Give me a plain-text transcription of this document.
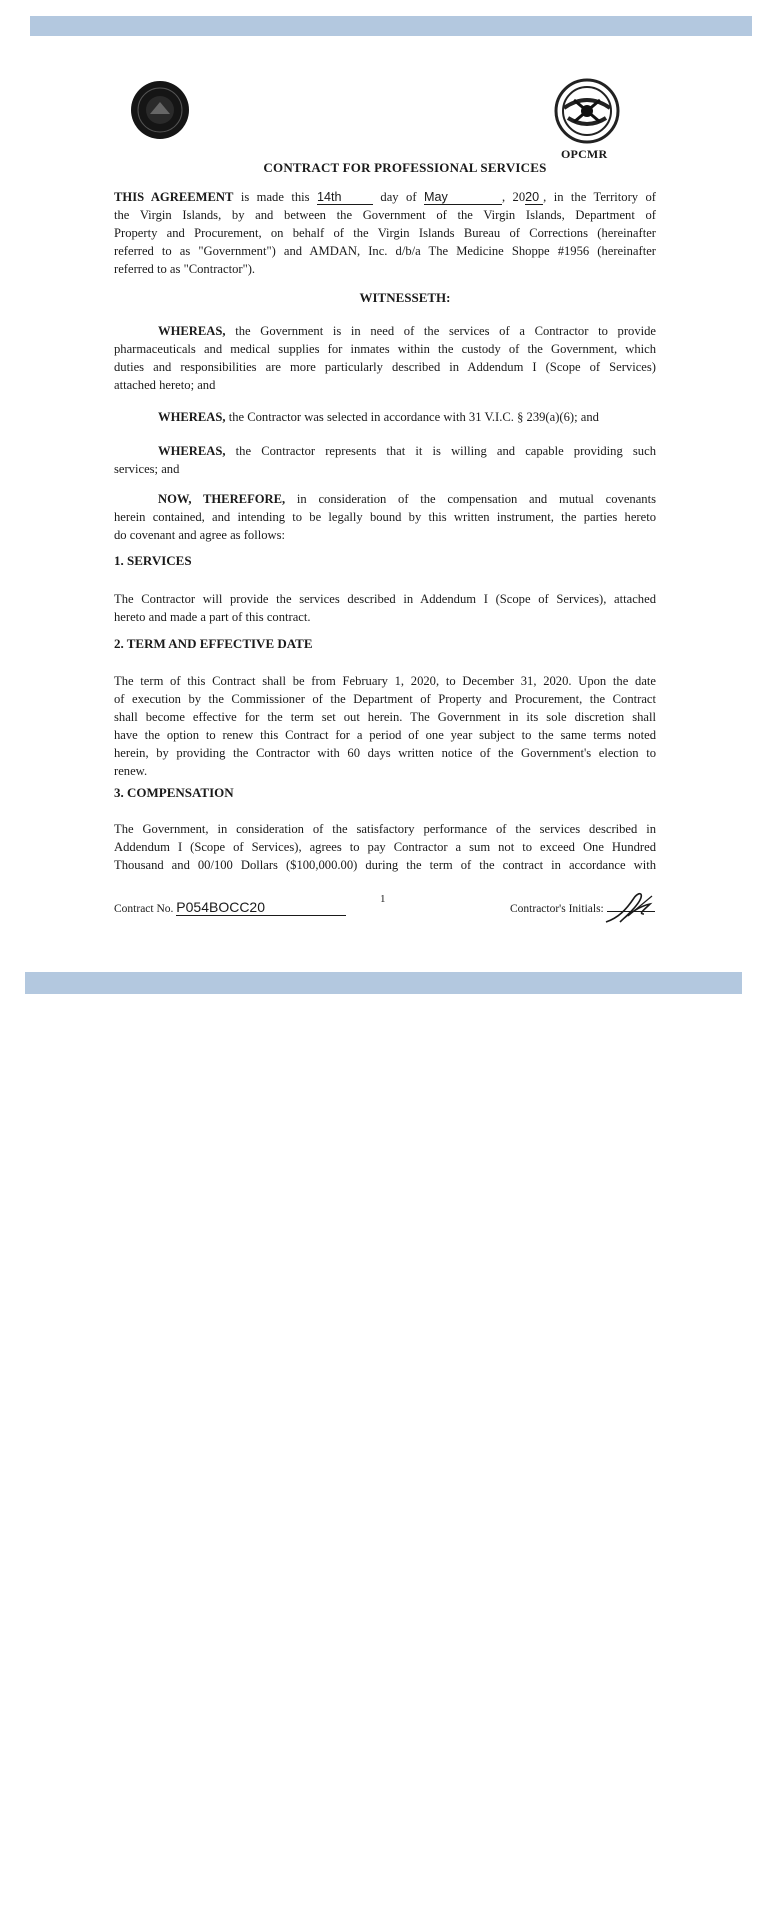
OPCMR
CONTRACT FOR PROFESSIONAL SERVICES
THIS AGREEMENT is made this 14th day of May	, 2020 , in the Territory of
the Virgin Islands, by and between the Government of the Virgin Islands, Department of
Property and Procurement, on behalf of the Virgin Islands Bureau of Corrections (hereinafter
referred to as "Government") and AMDAN, Inc. d/b/a The Medicine Shoppe #1956 (hereinafter
referred to as "Contractor").
WITNESSETH:
WHEREAS, the Government is in need of the services of a Contractor to provide
pharmaceuticals and medical supplies for inmates within the custody of the Government, which
duties and responsibilities are more particularly described in Addendum I (Scope of Services)
attached hereto; and
WHEREAS, the Contractor was selected in accordance with 31 V.I.C. § 239(a)(6); and
WHEREAS, the Contractor represents that it is willing and capable providing such
services; and
NOW, THEREFORE, in consideration of the compensation and mutual covenants
herein contained, and intending to be legally bound by this written instrument, the parties hereto
do covenant and agree as follows:
1. SERVICES
The Contractor will provide the services described in Addendum I (Scope of Services), attached
hereto and made a part of this contract.
2. TERM AND EFFECTIVE DATE
The term of this Contract shall be from February 1, 2020, to December 31, 2020. Upon the date
of execution by the Commissioner of the Department of Property and Procurement, the Contract
shall become effective for the term set out herein. The Government in its sole discretion shall
have the option to renew this Contract for a period of one year subject to the same terms noted
herein, by providing the Contractor with 60 days written notice of the Government's election to
renew.
3. COMPENSATION
The Government, in consideration of the satisfactory performance of the services described in
Addendum I (Scope of Services), agrees to pay Contractor a sum not to exceed One Hundred
Thousand and 00/100 Dollars ($100,000.00) during the term of the contract in accordance with
1
Contract No. P054BOCC20	Contractor's Initials:
